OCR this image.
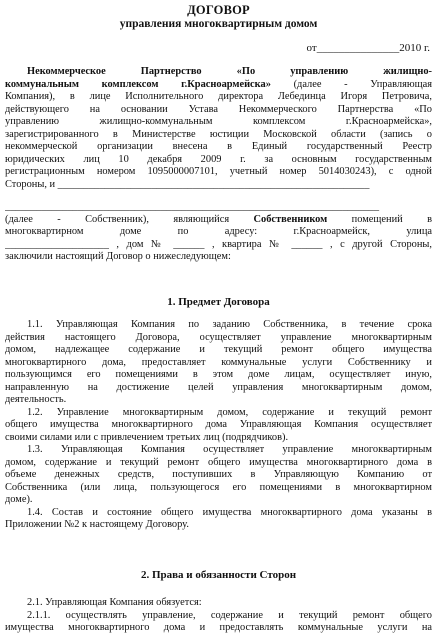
ДОГОВОР
управления многоквартирным домом
от_______________2010 г.
Некоммерческое Партнерство «По управлению жилищно-
коммунальным комплексом г.Красноармейска» (далее - Управляющая
Компания), в лице Исполнительного директора Лебединца Игоря Петровича,
действующего на основании Устава Некоммерческого Партнерства «По
управлению жилищно-коммунальным комплексом г.Красноармейска»,
зарегистрированного в Министерстве юстиции Московской области (запись о
некоммерческой организации внесена в Единый государственный Реестр
юридических лиц 10 декабря 2009 г. за основным государственным
регистрационным номером 1095000007101, учетный номер 5014030243), с одной
Стороны, и ____________________________________________________________
________________________________________________________________________
(далее - Собственник), являющийся Собственником помещений в
многоквартирном доме по адресу: г.Красноармейск, улица
____________________ , дом № ______ , квартира № ______ , с другой Стороны,
заключили настоящий Договор о нижеследующем:
1. Предмет Договора
1.1. Управляющая Компания по заданию Собственника, в течение срока
действия настоящего Договора, осуществляет управление многоквартирным
домом, надлежащее содержание и текущий ремонт общего имущества
многоквартирного дома, предоставляет коммунальные услуги Собственнику и
пользующимся его помещениями в этом доме лицам, осуществляет иную,
направленную на достижение целей управления многоквартирным домом,
деятельность.
1.2. Управление многоквартирным домом, содержание и текущий ремонт
общего имущества многоквартирного дома Управляющая Компания осуществляет
своими силами или с привлечением третьих лиц (подрядчиков).
1.3. Управляющая Компания осуществляет управление многоквартирным
домом, содержание и текущий ремонт общего имущества многоквартирного дома в
объеме денежных средств, поступивших в Управляющую Компанию от
Собственника (или лица, пользующегося его помещениями в многоквартирном
доме).
1.4. Состав и состояние общего имущества многоквартирного дома указаны в
Приложении №2 к настоящему Договору.
2. Права и обязанности Сторон
2.1. Управляющая Компания обязуется:
2.1.1. осуществлять управление, содержание и текущий ремонт общего
имущества многоквартирного дома и предоставлять коммунальные услуги на
